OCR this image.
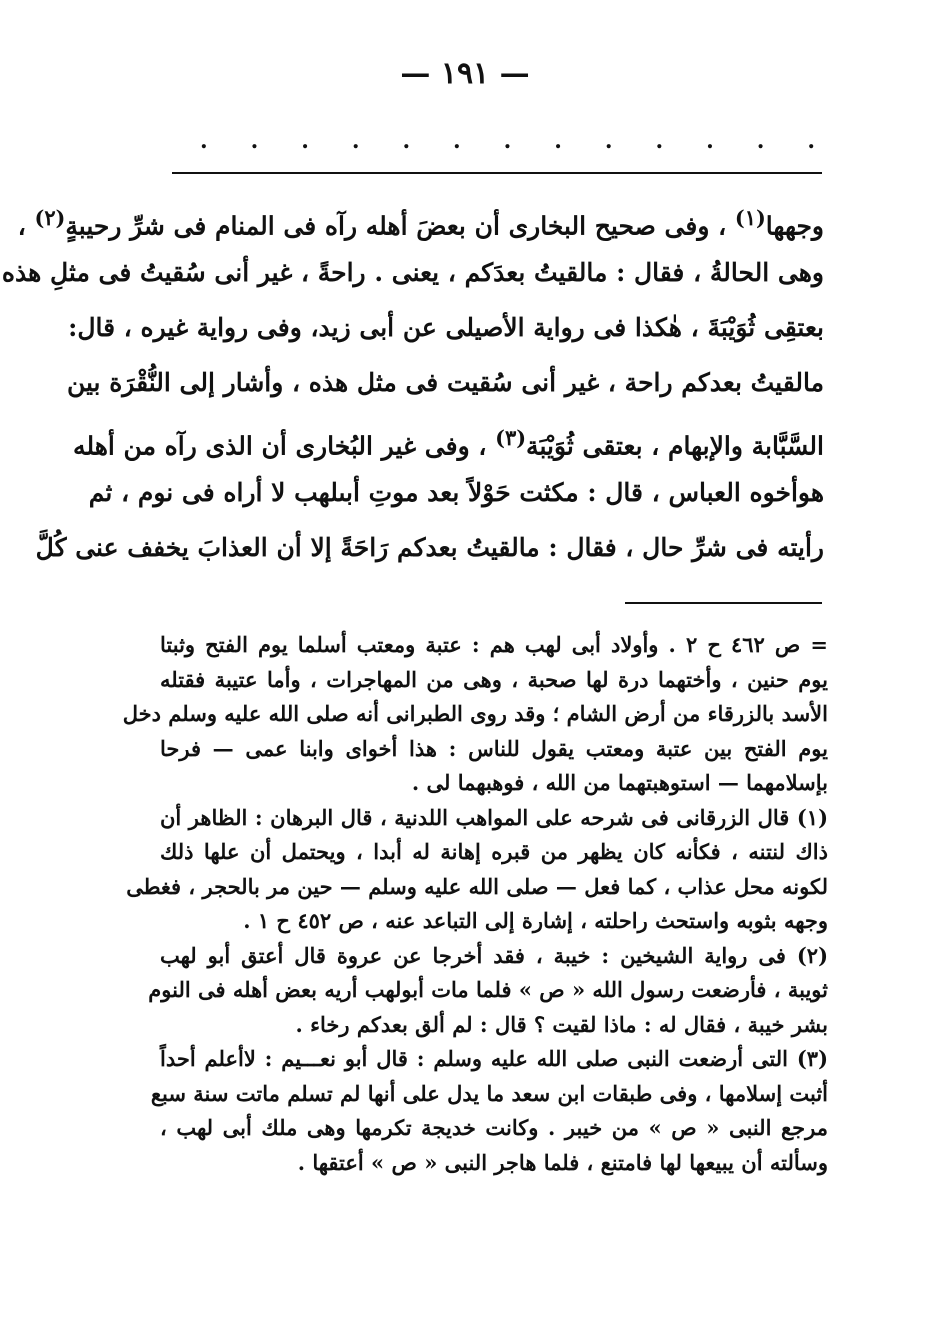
— ١٩١ —
. . . . . . . . . . . . .
وجهها$^{(١)}$ ، وفى صحيح البخارى أن بعضَ أهله رآه فى المنام فى شرِّ رحيبةٍ$^{(٢)}$ ،
وهى الحالةُ ، فقال : مالقيتُ بعدَكم ، يعنى . راحةً ، غير أنى سُقيتُ فى مثلِ هذه
بعتقِى ثُوَيْبَةَ ، هٰكذا فى رواية الأصيلى عن أبى زيد، وفى رواية غيره ، قال:
مالقيتُ بعدكم راحة ، غير أنى سُقيت فى مثل هذه ، وأشار إلى النُّقْرَة بين
السَّبَّابة والإبهام ، بعتقى ثُوَيْبَة$^{(٣)}$ ، وفى غير البُخارى أن الذى رآه من أهله
هوأخوه العباس ، قال : مكثت حَوْلاً بعد موتِ أبىلهب لا أراه فى نوم ، ثم
رأيته فى شرِّ حال ، فقال : مالقيتُ بعدكم رَاحَةً إلا أن العذابَ يخفف عنى كُلَّ
= ص ٤٦٢ ح ٢ . وأولاد أبى لهب هم : عتبة ومعتب أسلما يوم الفتح وثبتا
يوم حنين ، وأختهما درة لها صحبة ، وهى من المهاجرات ، وأما عتيبة فقتله
الأسد بالزرقاء من أرض الشام ؛ وقد روى الطبرانى أنه صلى الله عليه وسلم دخل
يوم الفتح بين عتبة ومعتب يقول للناس : هذا أخواى وابنا عمى — فرحا
بإسلامهما — استوهبتهما من الله ، فوهبهما لى .
(١) قال الزرقانى فى شرحه على المواهب اللدنية ، قال البرهان : الظاهر أن
ذاك لنتنه ، فكأنه كان يظهر من قبره إهانة له أبدا ، ويحتمل أن علها ذلك
لكونه محل عذاب ، كما فعل — صلى الله عليه وسلم — حين مر بالحجر ، فغطى
وجهه بثوبه واستحث راحلته ، إشارة إلى التباعد عنه ، ص ٤٥٢ ح ١ .
(٢) فى رواية الشيخين : خيبة ، فقد أخرجا عن عروة قال أعتق أبو لهب
ثويبة ، فأرضعت رسول الله « ص » فلما مات أبولهب أريه بعض أهله فى النوم
بشر خيبة ، فقال له : ماذا لقيت ؟ قال : لم ألق بعدكم رخاء .
(٣) التى أرضعت النبى صلى الله عليه وسلم : قال أبو نعـــيم : لاأعلم أحداً
أثبت إسلامها ، وفى طبقات ابن سعد ما يدل على أنها لم تسلم ماتت سنة سبع
مرجع النبى « ص » من خيبر . وكانت خديجة تكرمها وهى ملك أبى لهب ،
وسألته أن يبيعها لها فامتنع ، فلما هاجر النبى « ص » أعتقها .
